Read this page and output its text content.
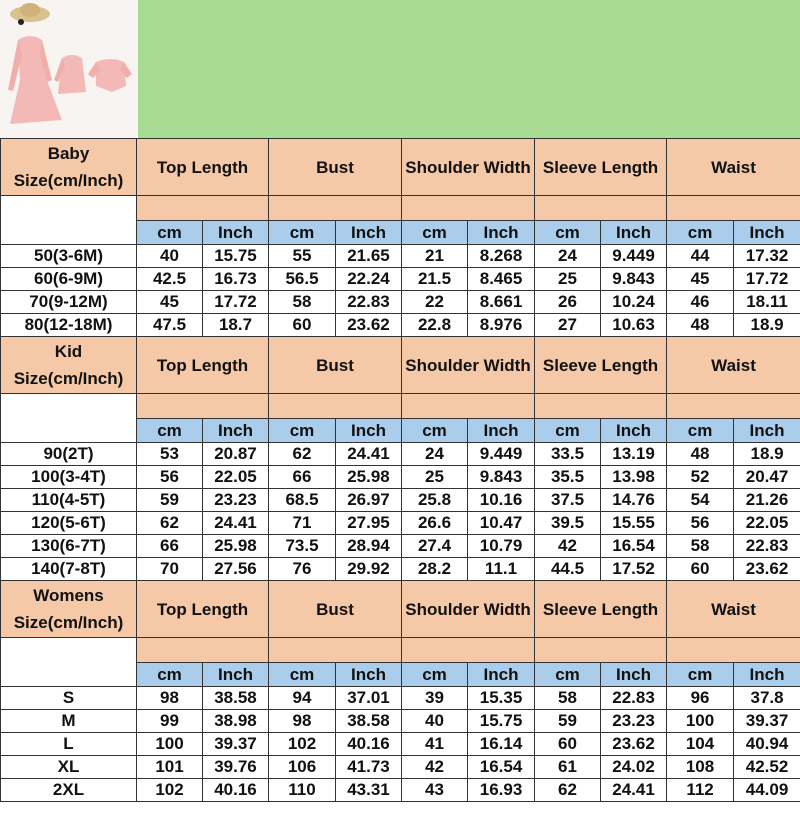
Baby
Size(cm/Inch)	Top Length		Bust		Shoulder Width		Sleeve Length		Waist	

	cm	Inch	cm	Inch	cm	Inch	cm	Inch	cm	Inch
50(3-6M)	40	15.75	55	21.65	21	8.268	24	9.449	44	17.32
60(6-9M)	42.5	16.73	56.5	22.24	21.5	8.465	25	9.843	45	17.72
70(9-12M)	45	17.72	58	22.83	22	8.661	26	10.24	46	18.11
80(12-18M)	47.5	18.7	60	23.62	22.8	8.976	27	10.63	48	18.9

Kid
Size(cm/Inch)	Top Length		Bust		Shoulder Width		Sleeve Length		Waist	

	cm	Inch	cm	Inch	cm	Inch	cm	Inch	cm	Inch
90(2T)	53	20.87	62	24.41	24	9.449	33.5	13.19	48	18.9
100(3-4T)	56	22.05	66	25.98	25	9.843	35.5	13.98	52	20.47
110(4-5T)	59	23.23	68.5	26.97	25.8	10.16	37.5	14.76	54	21.26
120(5-6T)	62	24.41	71	27.95	26.6	10.47	39.5	15.55	56	22.05
130(6-7T)	66	25.98	73.5	28.94	27.4	10.79	42	16.54	58	22.83
140(7-8T)	70	27.56	76	29.92	28.2	11.1	44.5	17.52	60	23.62

Womens
Size(cm/Inch)	Top Length		Bust		Shoulder Width		Sleeve Length		Waist	

	cm	Inch	cm	Inch	cm	Inch	cm	Inch	cm	Inch
S	98	38.58	94	37.01	39	15.35	58	22.83	96	37.8
M	99	38.98	98	38.58	40	15.75	59	23.23	100	39.37
L	100	39.37	102	40.16	41	16.14	60	23.62	104	40.94
XL	101	39.76	106	41.73	42	16.54	61	24.02	108	42.52
2XL	102	40.16	110	43.31	43	16.93	62	24.41	112	44.09
